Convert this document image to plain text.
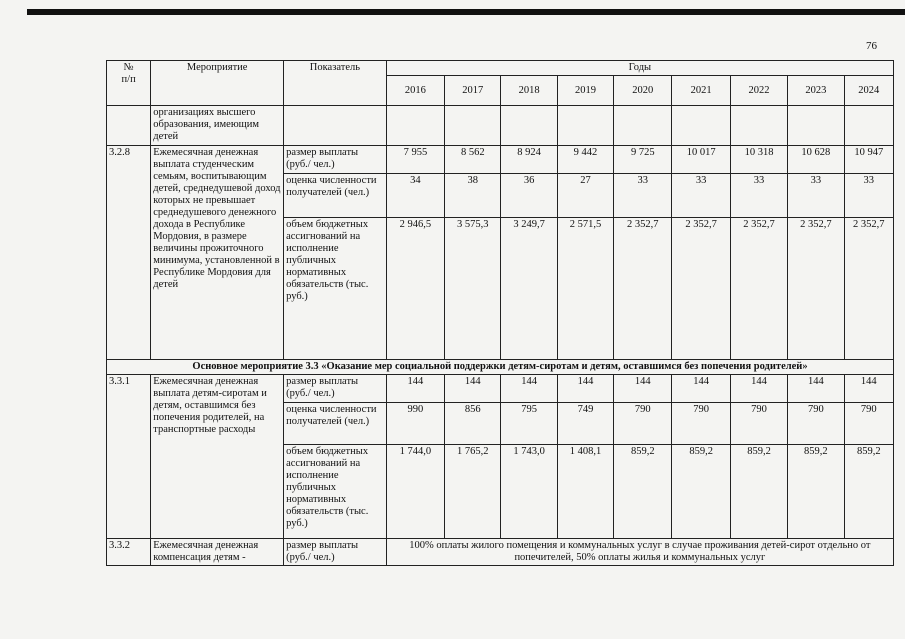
76
№
п/п	Мероприятие	Показатель	Годы								
			2016	2017	2018	2019	2020	2021	2022	2023	2024
	организациях высшего образования, имеющим детей										
3.2.8	Ежемесячная денежная выплата студенческим семьям, воспитывающим детей, среднедушевой доход которых не превышает среднедушевого денежного дохода в Республике Мордовия, в размере величины прожиточного минимума, установленной в Республике Мордовия для детей	размер выплаты (руб./ чел.)	7 955	8 562	8 924	9 442	9 725	10 017	10 318	10 628	10 947
		оценка численности получателей (чел.)	34	38	36	27	33	33	33	33	33
		объем бюджетных ассигнований на исполнение публичных нормативных обязательств (тыс. руб.)	2 946,5	3 575,3	3 249,7	2 571,5	2 352,7	2 352,7	2 352,7	2 352,7	2 352,7
Основное мероприятие 3.3 «Оказание мер социальной поддержки детям-сиротам и детям, оставшимся без попечения родителей»											
3.3.1	Ежемесячная денежная выплата детям-сиротам и детям, оставшимся без попечения родителей, на транспортные расходы	размер выплаты (руб./ чел.)	144	144	144	144	144	144	144	144	144
		оценка численности получателей (чел.)	990	856	795	749	790	790	790	790	790
		объем бюджетных ассигнований на исполнение публичных нормативных обязательств (тыс. руб.)	1 744,0	1 765,2	1 743,0	1 408,1	859,2	859,2	859,2	859,2	859,2
3.3.2	Ежемесячная денежная компенсация детям -	размер выплаты (руб./ чел.)	100% оплаты жилого помещения и коммунальных услуг в случае проживания детей-сирот отдельно от попечителей, 50% оплаты жилья и коммунальных услуг								
